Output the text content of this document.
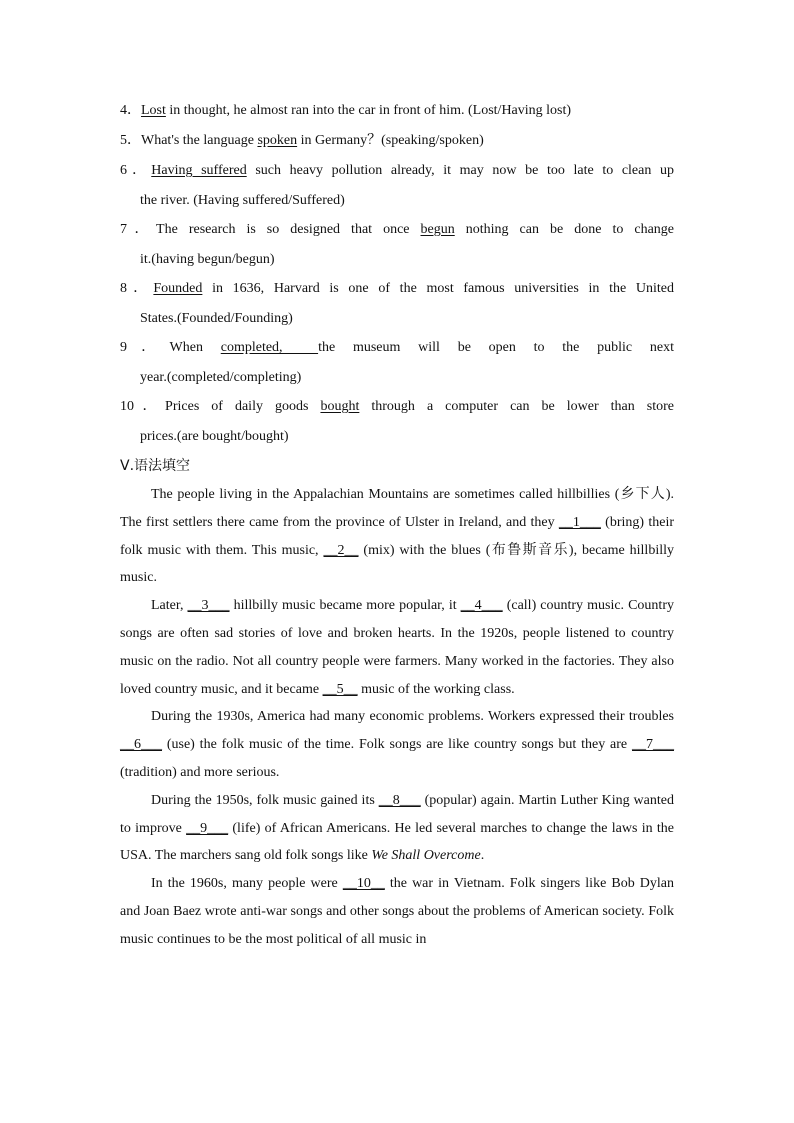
4．Lost in thought, he almost ran into the car in front of him. (Lost/Having lost)
5．What's the language spoken in Germany？(speaking/spoken)
6．Having suffered such heavy pollution already, it may now be too late to clean up
the river. (Having suffered/Suffered)
7．The research is so designed that once begun nothing can be done to change
it.(having begun/begun)
8．Founded in 1636, Harvard is one of the most famous universities in the United
States.(Founded/Founding)
9．When completed,  the museum will be open to the public next
year.(completed/completing)
10．Prices of daily goods bought through a computer can be lower than store
prices.(are bought/bought)
Ⅴ.语法填空

The people living in the Appalachian Mountains are sometimes called hillbillies (乡下人). The first settlers there came from the province of Ulster in Ireland, and they __1___ (bring) their folk music with them. This music, __2__ (mix) with the blues (布鲁斯音乐), became hillbilly music.

Later, __3___ hillbilly music became more popular, it __4___ (call) country music. Country songs are often sad stories of love and broken hearts. In the 1920s, people listened to country music on the radio. Not all country people were farmers. Many worked in the factories. They also loved country music, and it became __5__ music of the working class.

During the 1930s, America had many economic problems. Workers expressed their troubles __6___ (use) the folk music of the time. Folk songs are like country songs but they are __7___ (tradition) and more serious.

During the 1950s, folk music gained its __8___ (popular) again. Martin Luther King wanted to improve __9___ (life) of African Americans. He led several marches to change the laws in the USA. The marchers sang old folk songs like We Shall Overcome.

In the 1960s, many people were __10__ the war in Vietnam. Folk singers like Bob Dylan and Joan Baez wrote anti-war songs and other songs about the problems of American society. Folk music continues to be the most political of all music in
